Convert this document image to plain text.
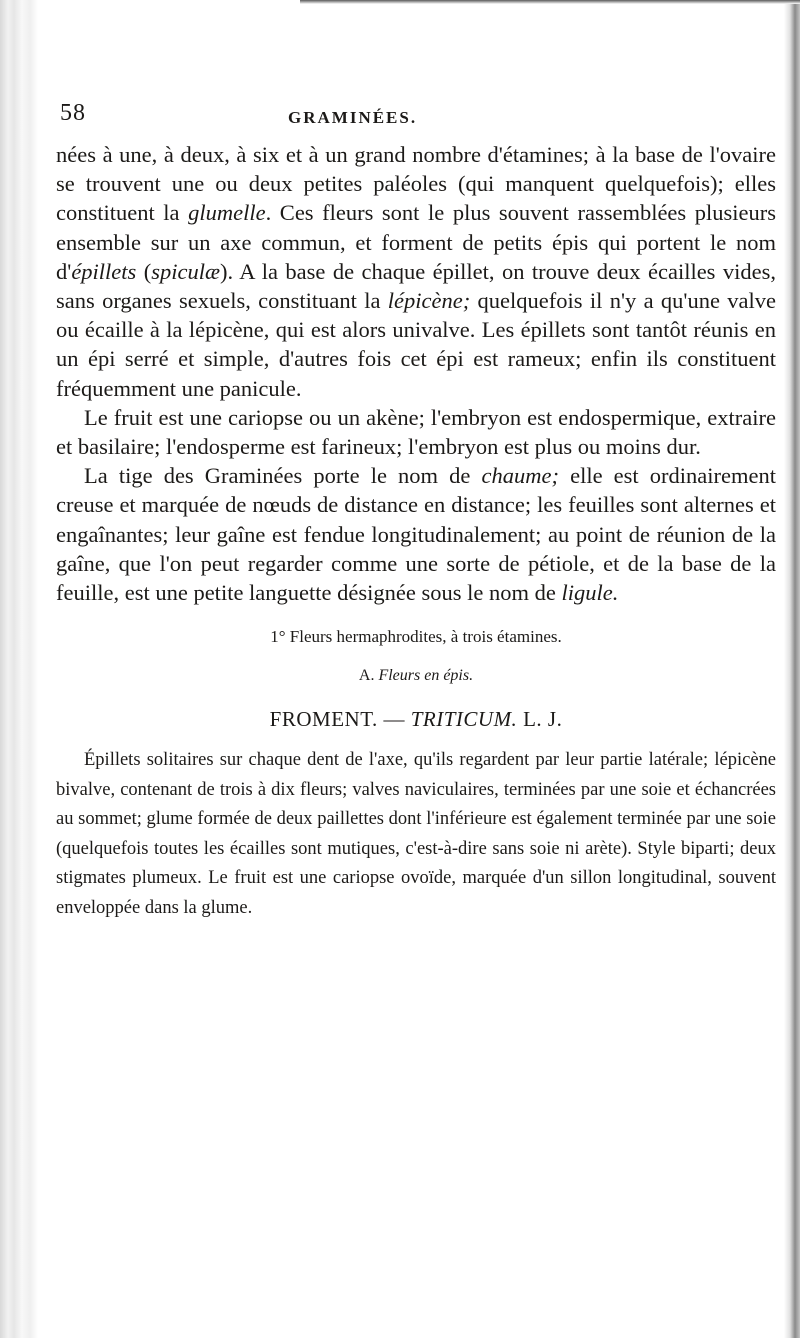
58	GRAMINÉES.

nées à une, à deux, à six et à un grand nombre d'étamines; à la base de l'ovaire se trouvent une ou deux petites paléoles (qui manquent quelquefois); elles constituent la glumelle. Ces fleurs sont le plus souvent rassemblées plusieurs ensemble sur un axe commun, et forment de petits épis qui portent le nom d'épillets (spiculæ). A la base de chaque épillet, on trouve deux écailles vides, sans organes sexuels, constituant la lépicène; quelquefois il n'y a qu'une valve ou écaille à la lépicène, qui est alors univalve. Les épillets sont tantôt réunis en un épi serré et simple, d'autres fois cet épi est rameux; enfin ils constituent fréquemment une panicule.

Le fruit est une cariopse ou un akène; l'embryon est endospermique, extraire et basilaire; l'endosperme est farineux; l'embryon est plus ou moins dur.

La tige des Graminées porte le nom de chaume; elle est ordinairement creuse et marquée de nœuds de distance en distance; les feuilles sont alternes et engaînantes; leur gaîne est fendue longitudinalement; au point de réunion de la gaîne, que l'on peut regarder comme une sorte de pétiole, et de la base de la feuille, est une petite languette désignée sous le nom de ligule.

1° Fleurs hermaphrodites, à trois étamines.
A. Fleurs en épis.
FROMENT. — TRITICUM. L. J.

Épillets solitaires sur chaque dent de l'axe, qu'ils regardent par leur partie latérale; lépicène bivalve, contenant de trois à dix fleurs; valves naviculaires, terminées par une soie et échancrées au sommet; glume formée de deux paillettes dont l'inférieure est également terminée par une soie (quelquefois toutes les écailles sont mutiques, c'est-à-dire sans soie ni arète). Style biparti; deux stigmates plumeux. Le fruit est une cariopse ovoïde, marquée d'un sillon longitudinal, souvent enveloppée dans la glume.
